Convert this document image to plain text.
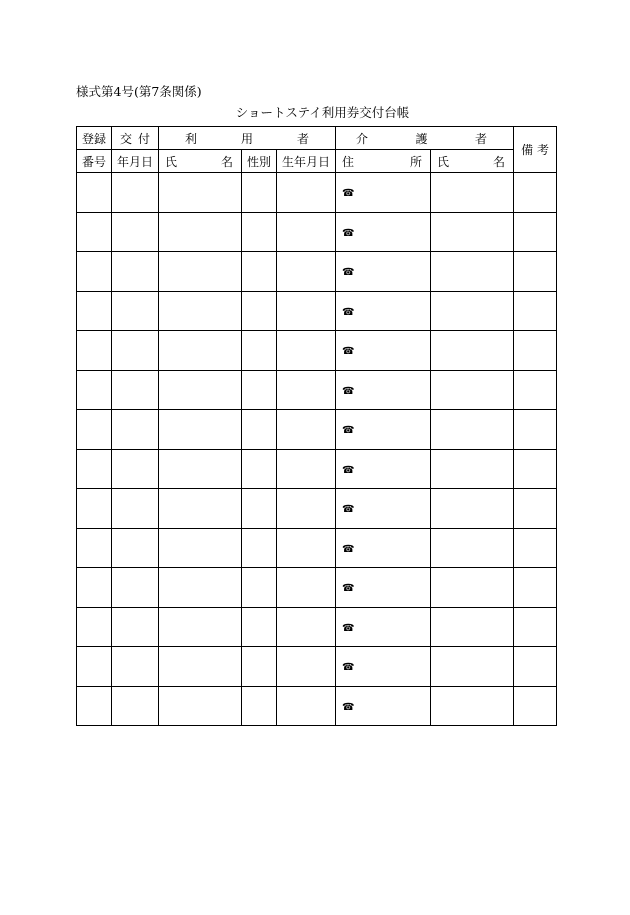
様式第4号(第7条関係)
ショートステイ利用券交付台帳
登録	交 付	利 用 者			介 護 者		備 考
番号	年月日	氏 名	性別	生年月日	住 所	氏 名	

					☎		
					☎		
					☎		
					☎		
					☎		
					☎		
					☎		
					☎		
					☎		
					☎		
					☎		
					☎		
					☎		
					☎		
